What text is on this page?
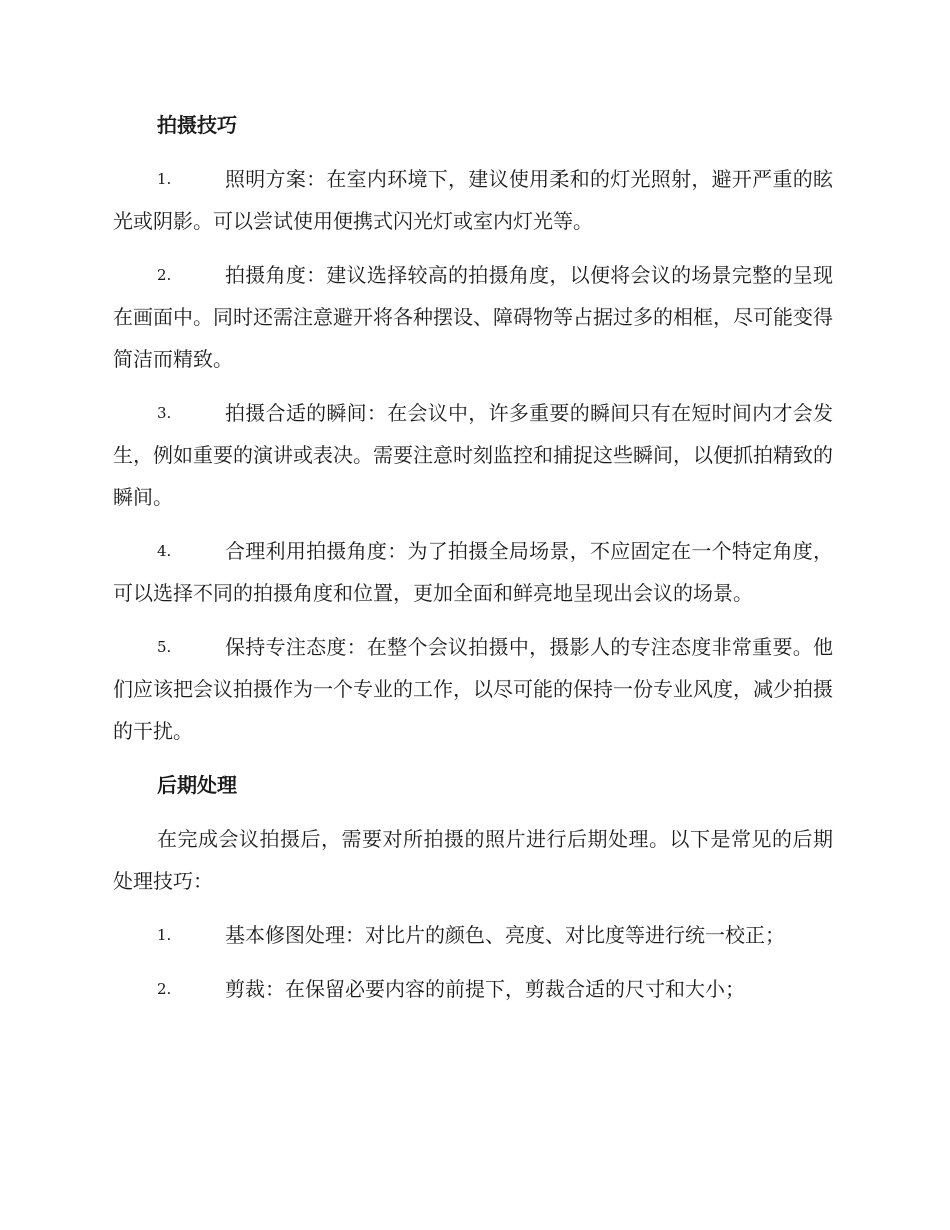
拍摄技巧

1.	照明方案：在室内环境下，建议使用柔和的灯光照射，避开严重的眩光或阴影。可以尝试使用便携式闪光灯或室内灯光等。

2.	拍摄角度：建议选择较高的拍摄角度，以便将会议的场景完整的呈现在画面中。同时还需注意避开将各种摆设、障碍物等占据过多的相框，尽可能变得简洁而精致。

3.	拍摄合适的瞬间：在会议中，许多重要的瞬间只有在短时间内才会发生，例如重要的演讲或表决。需要注意时刻监控和捕捉这些瞬间，以便抓拍精致的瞬间。

4.	合理利用拍摄角度：为了拍摄全局场景，不应固定在一个特定角度，可以选择不同的拍摄角度和位置，更加全面和鲜亮地呈现出会议的场景。

5.	保持专注态度：在整个会议拍摄中，摄影人的专注态度非常重要。他们应该把会议拍摄作为一个专业的工作，以尽可能的保持一份专业风度，减少拍摄的干扰。

后期处理

在完成会议拍摄后，需要对所拍摄的照片进行后期处理。以下是常见的后期处理技巧：

1.	基本修图处理：对比片的颜色、亮度、对比度等进行统一校正；

2.	剪裁：在保留必要内容的前提下，剪裁合适的尺寸和大小；
